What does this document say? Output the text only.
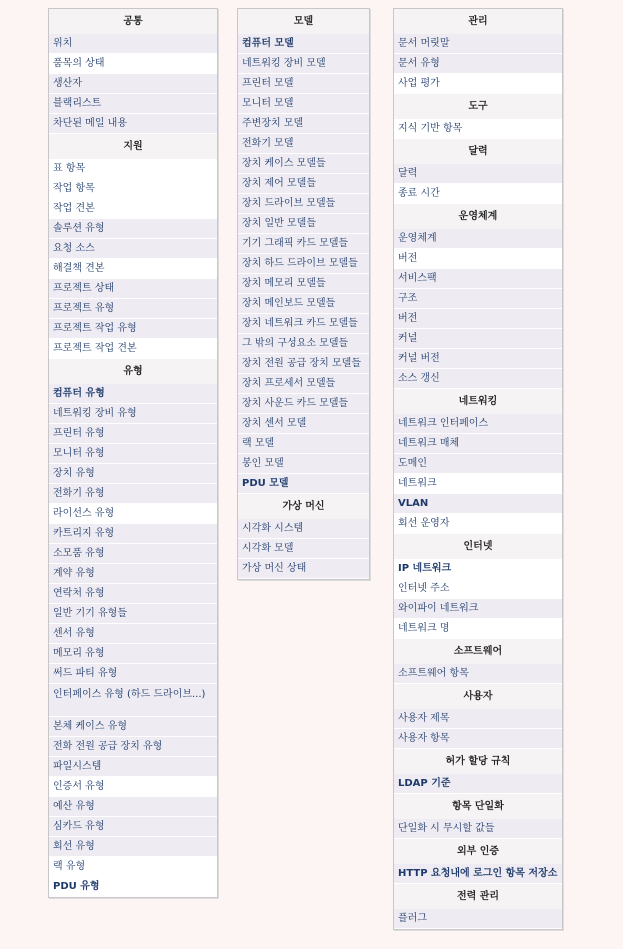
공통
위치
품목의 상태
생산자
블랙리스트
차단된 메일 내용
지원
표 항목
작업 항목
작업 견본
솔루션 유형
요청 소스
해결책 견본
프로젝트 상태
프로젝트 유형
프로젝트 작업 유형
프로젝트 작업 견본
유형
컴퓨터 유형
네트워킹 장비 유형
프린터 유형
모니터 유형
장치 유형
전화기 유형
라이선스 유형
카트리지 유형
소모품 유형
계약 유형
연락처 유형
일반 기기 유형들
센서 유형
메모리 유형
써드 파티 유형
인터페이스 유형 (하드 드라이브...)
본체 케이스 유형
전화 전원 공급 장치 유형
파일시스템
인증서 유형
예산 유형
심카드 유형
회선 유형
랙 유형
PDU 유형
모델
컴퓨터 모델
네트워킹 장비 모델
프린터 모델
모니터 모델
주변장치 모델
전화기 모델
장치 케이스 모델들
장치 제어 모델들
장치 드라이브 모델들
장치 일반 모델들
기기 그래픽 카드 모델들
장치 하드 드라이브 모델들
장치 메모리 모델들
장치 메인보드 모델들
장치 네트워크 카드 모델들
그 밖의 구성요소 모델들
장치 전원 공급 장치 모델들
장치 프로세서 모델들
장치 사운드 카드 모델들
장치 센서 모델
랙 모델
봉인 모델
PDU 모델
가상 머신
시각화 시스템
시각화 모델
가상 머신 상태
관리
문서 머릿말
문서 유형
사업 평가
도구
지식 기반 항목
달력
달력
종료 시간
운영체계
운영체계
버전
서비스팩
구조
버전
커널
커널 버전
소스 갱신
네트워킹
네트워크 인터페이스
네트워크 매체
도메인
네트워크
VLAN
회선 운영자
인터넷
IP 네트워크
인터넷 주소
와이파이 네트워크
네트워크 명
소프트웨어
소프트웨어 항목
사용자
사용자 제목
사용자 항목
허가 할당 규칙
LDAP 기준
항목 단일화
단일화 시 무시할 값들
외부 인증
HTTP 요청내에 로그인 항목 저장소
전력 관리
플러그
